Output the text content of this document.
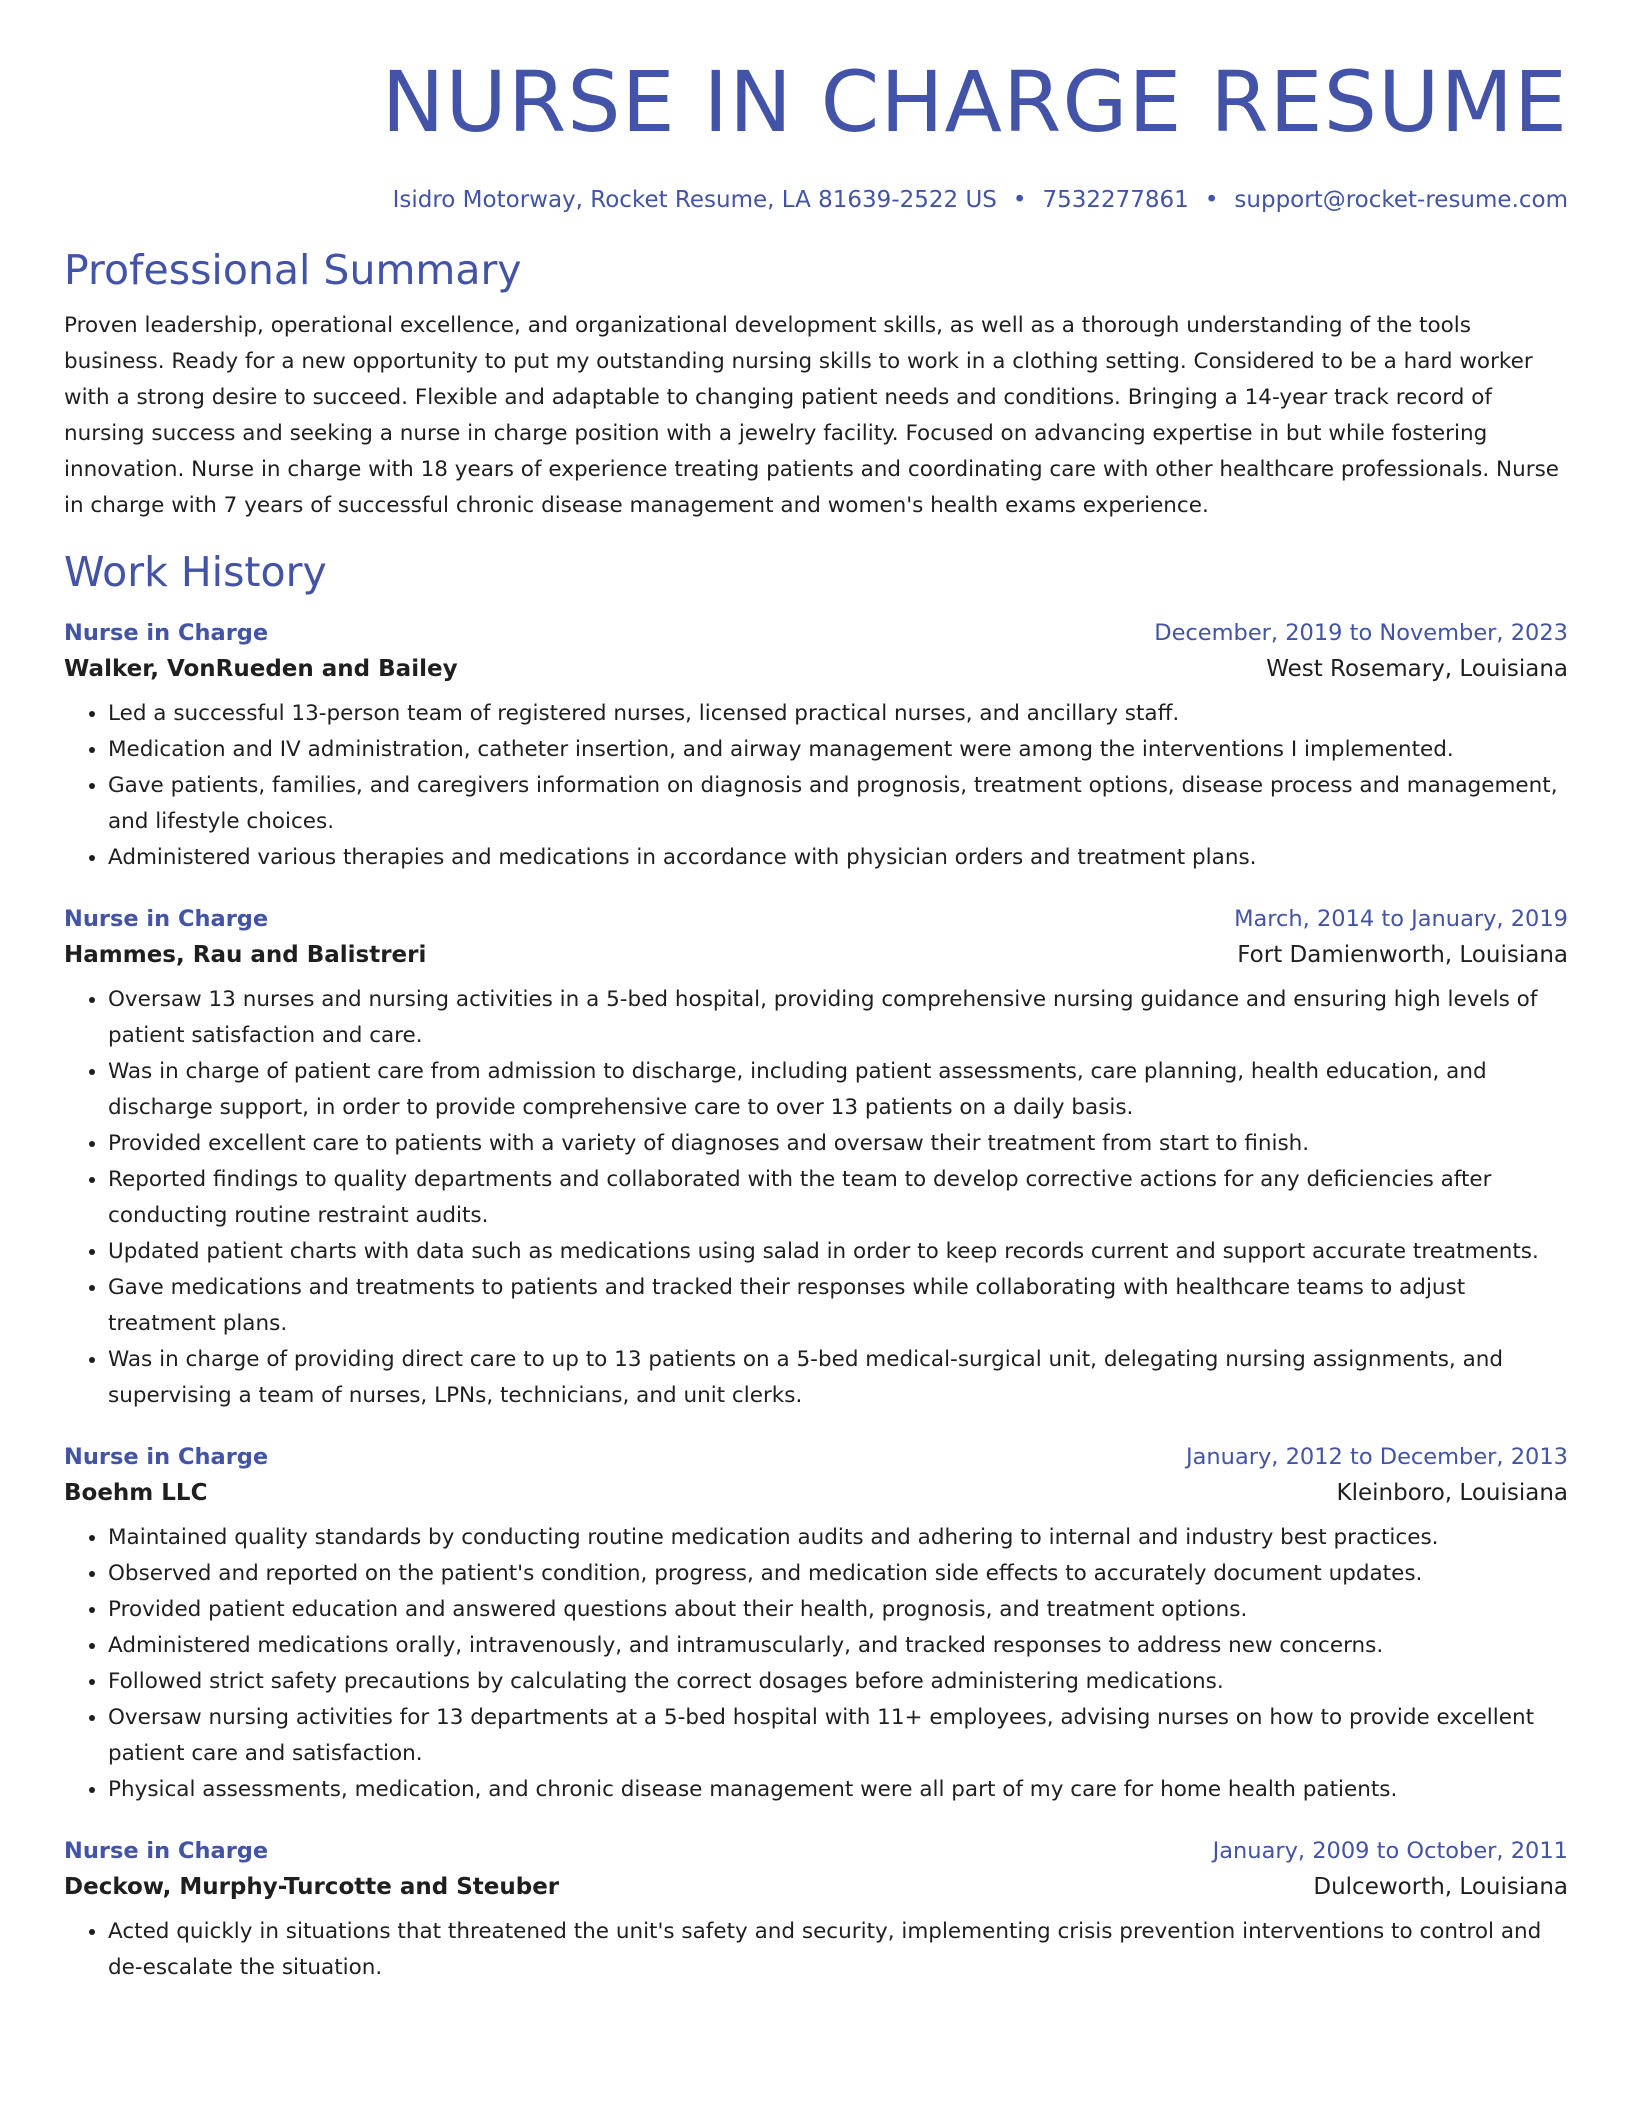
NURSE IN CHARGE RESUME
Isidro Motorway, Rocket Resume, LA 81639-2522 US • 7532277861 • support@rocket-resume.com
Professional Summary
Proven leadership, operational excellence, and organizational development skills, as well as a thorough understanding of the tools business. Ready for a new opportunity to put my outstanding nursing skills to work in a clothing setting. Considered to be a hard worker with a strong desire to succeed. Flexible and adaptable to changing patient needs and conditions. Bringing a 14-year track record of nursing success and seeking a nurse in charge position with a jewelry facility. Focused on advancing expertise in but while fostering innovation. Nurse in charge with 18 years of experience treating patients and coordinating care with other healthcare professionals. Nurse in charge with 7 years of successful chronic disease management and women's health exams experience.
Work History
Nurse in Charge	December, 2019 to November, 2023
Walker, VonRueden and Bailey	West Rosemary, Louisiana
• Led a successful 13-person team of registered nurses, licensed practical nurses, and ancillary staff.
• Medication and IV administration, catheter insertion, and airway management were among the interventions I implemented.
• Gave patients, families, and caregivers information on diagnosis and prognosis, treatment options, disease process and management, and lifestyle choices.
• Administered various therapies and medications in accordance with physician orders and treatment plans.
Nurse in Charge	March, 2014 to January, 2019
Hammes, Rau and Balistreri	Fort Damienworth, Louisiana
• Oversaw 13 nurses and nursing activities in a 5-bed hospital, providing comprehensive nursing guidance and ensuring high levels of patient satisfaction and care.
• Was in charge of patient care from admission to discharge, including patient assessments, care planning, health education, and discharge support, in order to provide comprehensive care to over 13 patients on a daily basis.
• Provided excellent care to patients with a variety of diagnoses and oversaw their treatment from start to finish.
• Reported findings to quality departments and collaborated with the team to develop corrective actions for any deficiencies after conducting routine restraint audits.
• Updated patient charts with data such as medications using salad in order to keep records current and support accurate treatments.
• Gave medications and treatments to patients and tracked their responses while collaborating with healthcare teams to adjust treatment plans.
• Was in charge of providing direct care to up to 13 patients on a 5-bed medical-surgical unit, delegating nursing assignments, and supervising a team of nurses, LPNs, technicians, and unit clerks.
Nurse in Charge	January, 2012 to December, 2013
Boehm LLC	Kleinboro, Louisiana
• Maintained quality standards by conducting routine medication audits and adhering to internal and industry best practices.
• Observed and reported on the patient's condition, progress, and medication side effects to accurately document updates.
• Provided patient education and answered questions about their health, prognosis, and treatment options.
• Administered medications orally, intravenously, and intramuscularly, and tracked responses to address new concerns.
• Followed strict safety precautions by calculating the correct dosages before administering medications.
• Oversaw nursing activities for 13 departments at a 5-bed hospital with 11+ employees, advising nurses on how to provide excellent patient care and satisfaction.
• Physical assessments, medication, and chronic disease management were all part of my care for home health patients.
Nurse in Charge	January, 2009 to October, 2011
Deckow, Murphy-Turcotte and Steuber	Dulceworth, Louisiana
• Acted quickly in situations that threatened the unit's safety and security, implementing crisis prevention interventions to control and de-escalate the situation.
